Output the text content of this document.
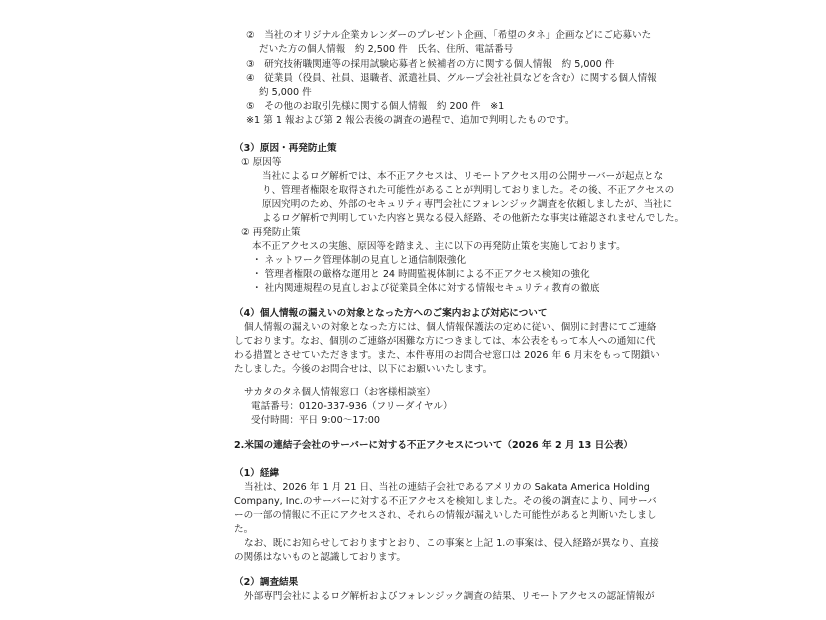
②　当社のオリジナル企業カレンダーのプレゼント企画、「希望のタネ」企画などにご応募いた
だいた方の個人情報　約 2,500 件　氏名、住所、電話番号
③　研究技術職関連等の採用試験応募者と候補者の方に関する個人情報　約 5,000 件
④　従業員（役員、社員、退職者、派遣社員、グループ会社社員などを含む）に関する個人情報
約 5,000 件
⑤　その他のお取引先様に関する個人情報　約 200 件　※1
※1 第 1 報および第 2 報公表後の調査の過程で、追加で判明したものです。
（3）原因・再発防止策
① 原因等
当社によるログ解析では、本不正アクセスは、リモートアクセス用の公開サーバーが起点とな
り、管理者権限を取得された可能性があることが判明しておりました。その後、不正アクセスの
原因究明のため、外部のセキュリティ専門会社にフォレンジック調査を依頼しましたが、当社に
よるログ解析で判明していた内容と異なる侵入経路、その他新たな事実は確認されませんでした。
② 再発防止策
本不正アクセスの実態、原因等を踏まえ、主に以下の再発防止策を実施しております。
・ ネットワーク管理体制の見直しと通信制限強化
・ 管理者権限の厳格な運用と 24 時間監視体制による不正アクセス検知の強化
・ 社内関連規程の見直しおよび従業員全体に対する情報セキュリティ教育の徹底
（4）個人情報の漏えいの対象となった方へのご案内および対応について
個人情報の漏えいの対象となった方には、個人情報保護法の定めに従い、個別に封書にてご連絡
しております。なお、個別のご連絡が困難な方につきましては、本公表をもって本人への通知に代
わる措置とさせていただきます。また、本件専用のお問合せ窓口は 2026 年 6 月末をもって閉鎖い
たしました。今後のお問合せは、以下にお願いいたします。
サカタのタネ個人情報窓口（お客様相談室）
電話番号：0120-337-936（フリーダイヤル）
受付時間：平日 9:00〜17:00
2.米国の連結子会社のサーバーに対する不正アクセスについて（2026 年 2 月 13 日公表）
（1）経緯
当社は、2026 年 1 月 21 日、当社の連結子会社であるアメリカの Sakata America Holding
Company, Inc.のサーバーに対する不正アクセスを検知しました。その後の調査により、同サーバ
ーの一部の情報に不正にアクセスされ、それらの情報が漏えいした可能性があると判断いたしまし
た。
なお、既にお知らせしておりますとおり、この事案と上記 1.の事案は、侵入経路が異なり、直接
の関係はないものと認識しております。
（2）調査結果
外部専門会社によるログ解析およびフォレンジック調査の結果、リモートアクセスの認証情報が
